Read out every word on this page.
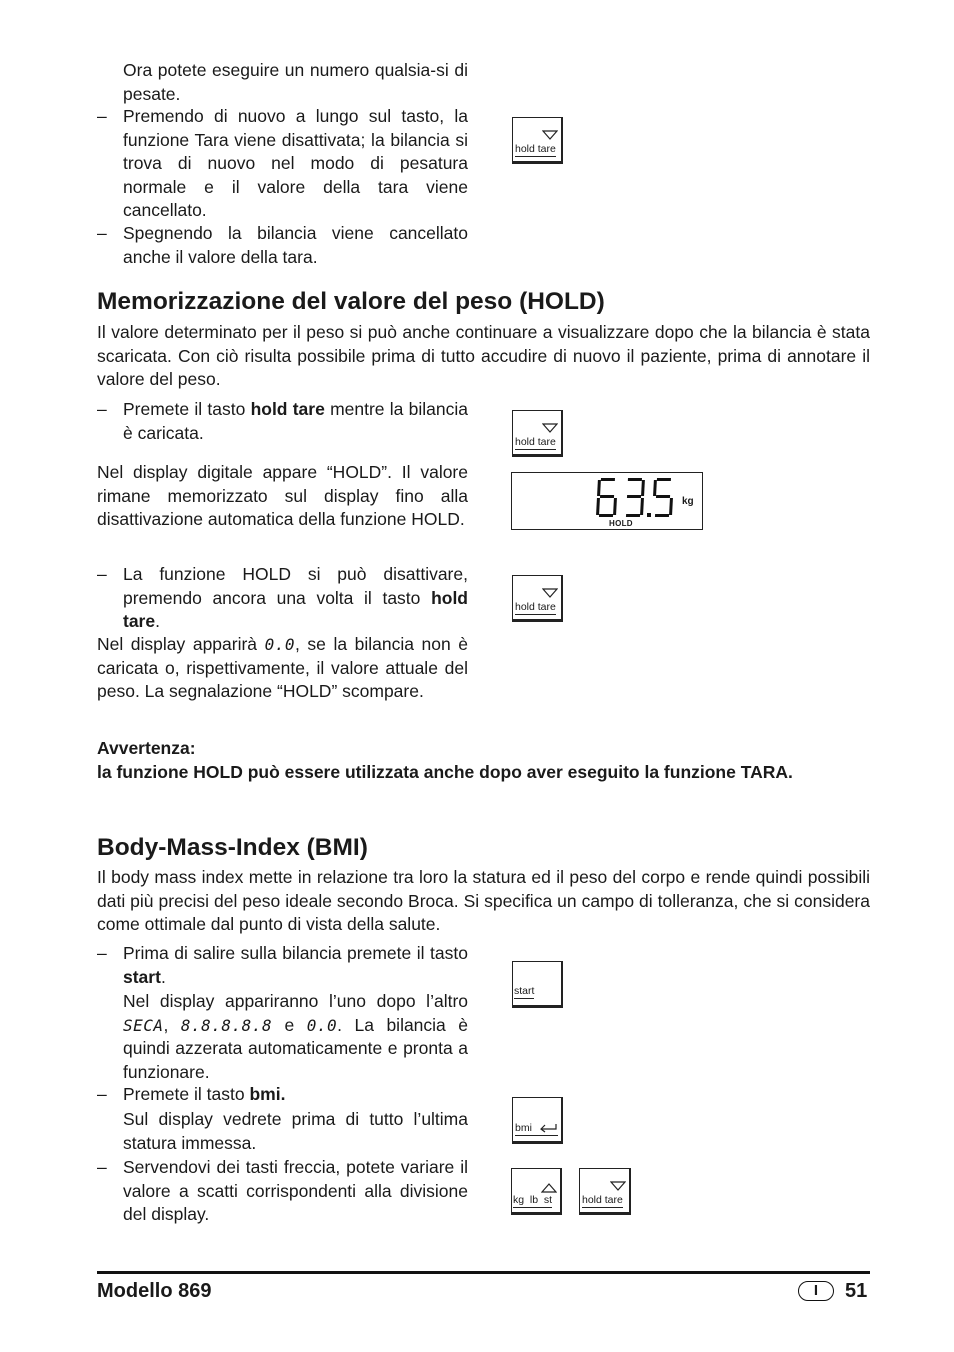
Ora potete eseguire un numero qualsia-si di pesate.
– Premendo di nuovo a lungo sul tasto, la funzione Tara viene disattivata; la bilancia si trova di nuovo nel modo di pesatura normale e il valore della tara viene cancellato.
– Spegnendo la bilancia viene cancellato anche il valore della tara.
hold tare
Memorizzazione del valore del peso (HOLD)
Il valore determinato per il peso si può anche continuare a visualizzare dopo che la bilancia è stata scaricata. Con ciò risulta possibile prima di tutto accudire di nuovo il paziente, prima di annotare il valore del peso.
– Premete il tasto hold tare mentre la bilancia è caricata.
Nel display digitale appare “HOLD”. Il valore rimane memorizzato sul display fino alla disattivazione automatica della funzione HOLD.
– La funzione HOLD si può disattivare, premendo ancora una volta il tasto hold tare.
Nel display apparirà 0.0, se la bilancia non è caricata o, rispettivamente, il valore attuale del peso. La segnalazione “HOLD” scompare.
Avvertenza:
la funzione HOLD può essere utilizzata anche dopo aver eseguito la funzione TARA.
hold tare
kg
HOLD
hold tare
Body-Mass-Index (BMI)
Il body mass index mette in relazione tra loro la statura ed il peso del corpo e rende quindi possibili dati più precisi del peso ideale secondo Broca. Si specifica un campo di tolleranza, che si considera come ottimale dal punto di vista della salute.
– Prima di salire sulla bilancia premete il tasto start.
Nel display appariranno l’uno dopo l’altro SECA, 8.8.8.8.8 e 0.0. La bilancia è quindi azzerata automaticamente e pronta a funzionare.
– Premete il tasto bmi.
Sul display vedrete prima di tutto l’ultima statura immessa.
– Servendovi dei tasti freccia, potete variare il valore a scatti corrispondenti alla divisione del display.
start
bmi
kg  lb  st	hold tare
Modello 869	I	51
